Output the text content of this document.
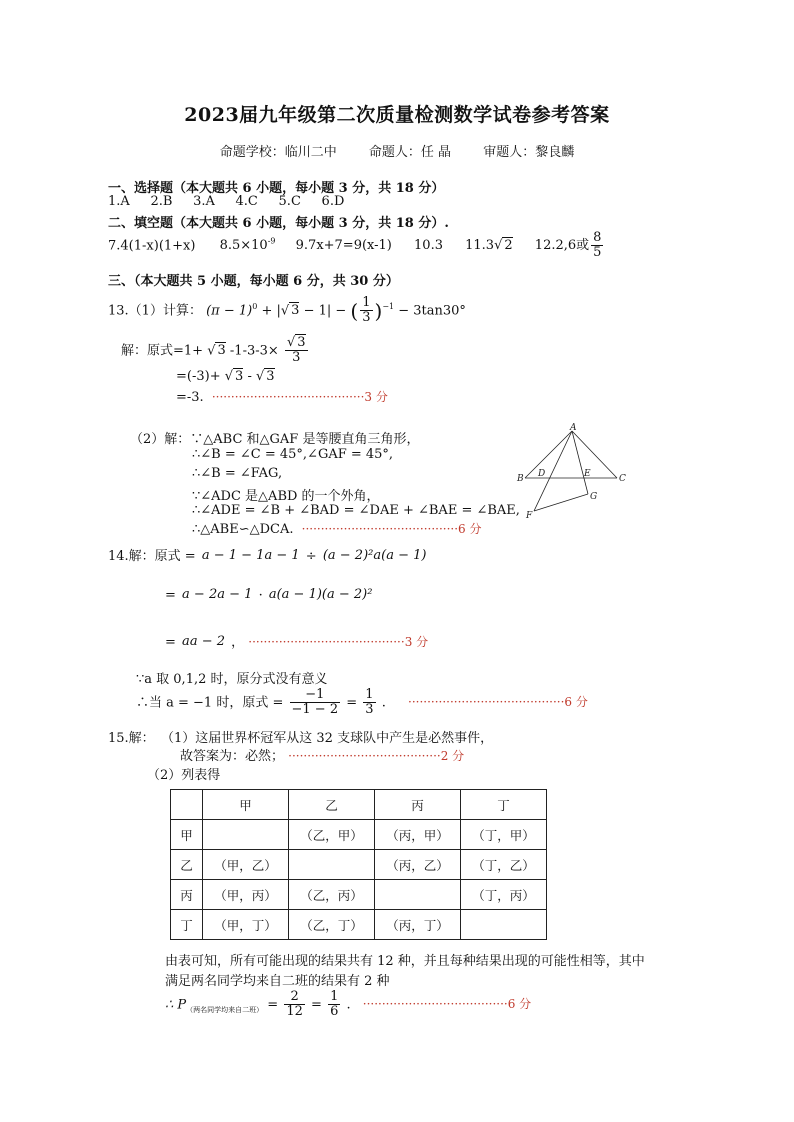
2023届九年级第二次质量检测数学试卷参考答案
命题学校：临川二中 命题人：任 晶 审题人：黎良麟
一、选择题（本大题共 6 小题，每小题 3 分，共 18 分）
1.A     2.B     3.A     4.C     5.C     6.D
二、填空题（本大题共 6 小题，每小题 3 分，共 18 分）.
7.4(1-x)(1+x) $8.5\times 10^{-9}$ 9.7x+7=9(x-1) 10.3 11.3√ 2 12.2,6或 $\frac{8}{5}$
三、（本大题共 5 小题，每小题 6 分，共 30 分）
13.（1）计算： $(\pi - 1)^0$ + |√ 3 − 1| − ( $\frac{1}{3} )^{-1} - 3\tan 30^\circ$
解：原式=1+ √ 3 $-1-3-3\times \frac{√ 3}{3}$
=(-3)+ √ 3 - √ 3
=-3. ········································3 分
（2）解：∵△ABC 和△GAF 是等腰直角三角形，
∴∠B = ∠C = 45°,∠GAF = 45°,
∴∠B = ∠FAG,
∵∠ADC 是△ABD 的一个外角，
∴∠ADE = ∠B + ∠BAD = ∠DAE + ∠BAE = ∠BAE,
∴△ABE∽△DCA. ·········································6 分
A
B	C
D	E
F
G
14.解：原式 = a − 1 − 1a − 1 ÷ (a − 2)²a(a − 1)
= a − 2a − 1 · a(a − 1)(a − 2)²
= aa − 2 ， ·········································3 分
∵a 取 0,1,2 时，原分式没有意义
∴当 a = −1 时，原式 = $\frac{-1}{-1 - 2} = \frac{1}{3}$ . ·········································6 分
15.解： （1）这届世界杯冠军从这 32 支球队中产生是必然事件，
故答案为：必然； ········································2 分
（2）列表得
	甲	乙	丙	丁
甲		（乙，甲）	（丙，甲）	（丁，甲）
乙	（甲，乙）		（丙，乙）	（丁，乙）
丙	（甲，丙）	（乙，丙）		（丁，丙）
丁	（甲，丁）	（乙，丁）	（丙，丁）	
由表可知，所有可能出现的结果共有 12 种，并且每种结果出现的可能性相等，其中
满足两名同学均来自二班的结果有 2 种
∴ $P_{(两名同学均来自二班)} = \frac{2}{12} = \frac{1}{6}$ . ······································6 分
